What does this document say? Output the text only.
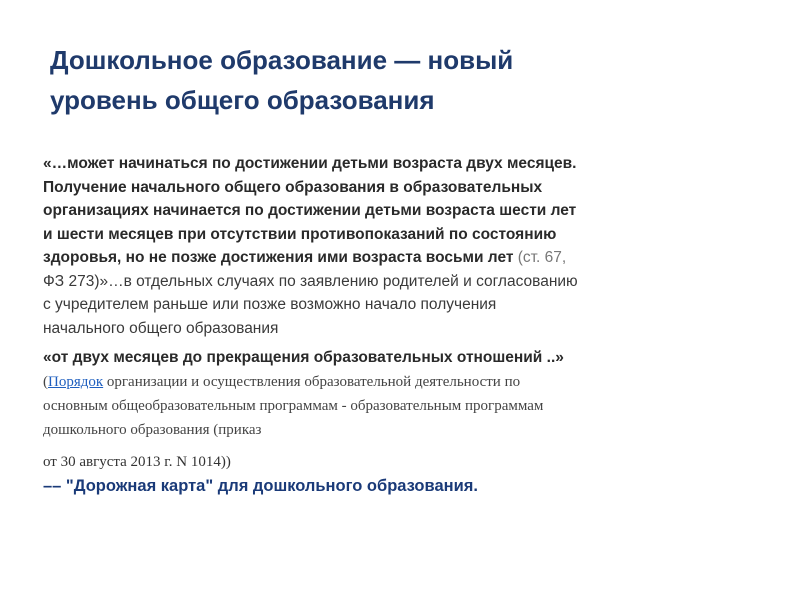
Дошкольное образование — новый
уровень общего образования

«…может начинаться по достижении детьми возраста двух месяцев.
Получение начального общего образования в образовательных
организациях начинается по достижении детьми возраста шести лет
и шести месяцев при отсутствии противопоказаний по состоянию
здоровья, но не позже достижения ими возраста восьми лет (ст. 67,
ФЗ 273)»…в отдельных случаях по заявлению родителей и согласованию
с учредителем раньше или позже возможно начало получения
начального общего образования

«от двух месяцев до прекращения образовательных отношений ..»
(Порядок организации и осуществления образовательной деятельности по
основным общеобразовательным программам - образовательным программам
дошкольного образования (приказ
от 30 августа 2013 г. N 1014))
–– "Дорожная карта" для дошкольного образования.
